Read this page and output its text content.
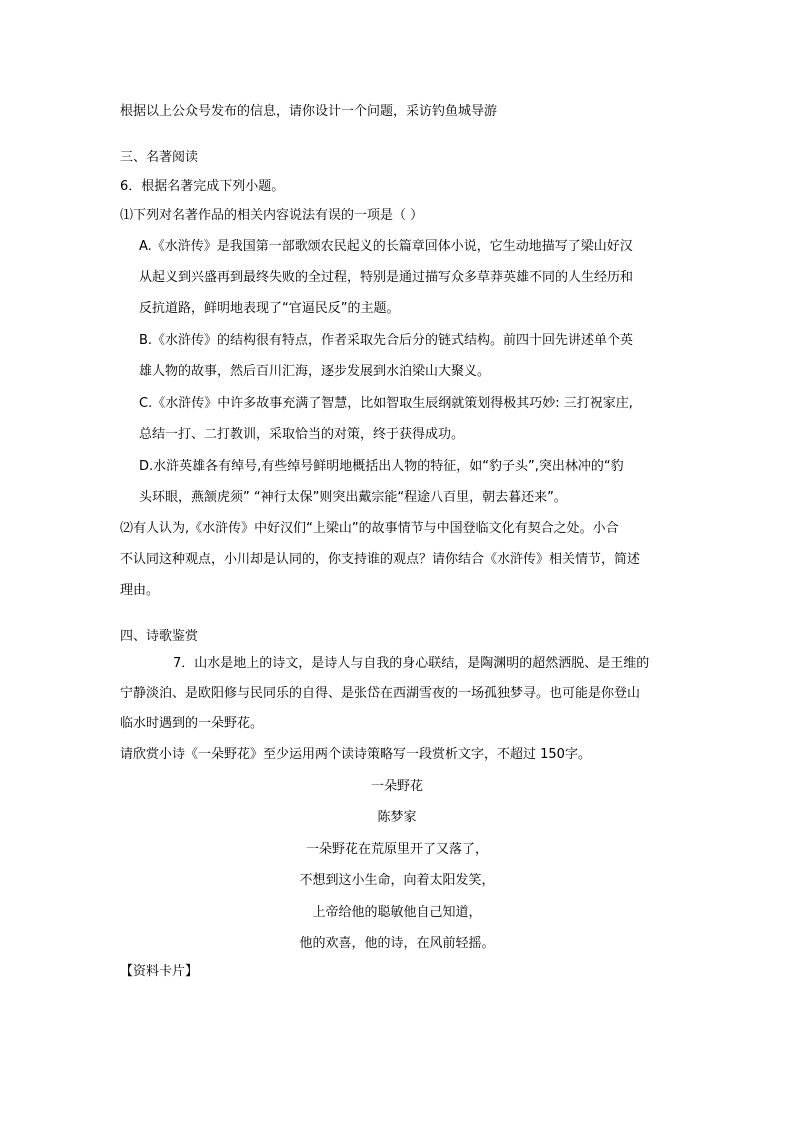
根据以上公众号发布的信息，请你设计一个问题，采访钓鱼城导游
三、名著阅读
6．根据名著完成下列小题。
⑴下列对名著作品的相关内容说法有误的一项是（ ）
A.《水浒传》是我国第一部歌颂农民起义的长篇章回体小说，它生动地描写了梁山好汉
从起义到兴盛再到最终失败的全过程，特别是通过描写众多草莽英雄不同的人生经历和
反抗道路，鲜明地表现了“官逼民反”的主题。
B.《水浒传》的结构很有特点，作者采取先合后分的链式结构。前四十回先讲述单个英
雄人物的故事，然后百川汇海，逐步发展到水泊梁山大聚义。
C.《水浒传》中许多故事充满了智慧，比如智取生辰纲就策划得极其巧妙: 三打祝家庄,
总结一打、二打教训，采取恰当的对策，终于获得成功。
D.水浒英雄各有绰号,有些绰号鲜明地概括出人物的特征，如“豹子头”,突出林冲的“豹
头环眼，燕颔虎须” “神行太保”则突出戴宗能“程途八百里，朝去暮还来”。
⑵有人认为,《水浒传》中好汉们“上梁山”的故事情节与中国登临文化有契合之处。小合
不认同这种观点，小川却是认同的，你支持谁的观点？请你结合《水浒传》相关情节，简述
理由。
四、诗歌鉴赏
7．山水是地上的诗文，是诗人与自我的身心联结，是陶渊明的超然洒脱、是王维的
宁静淡泊、是欧阳修与民同乐的自得、是张岱在西湖雪夜的一场孤独梦寻。也可能是你登山
临水时遇到的一朵野花。
请欣赏小诗《一朵野花》至少运用两个读诗策略写一段赏析文字，不超过 150字。
一朵野花
陈梦家
一朵野花在荒原里开了又落了，
不想到这小生命，向着太阳发笑，
上帝给他的聪敏他自己知道，
他的欢喜，他的诗，在风前轻摇。
【资料卡片】
